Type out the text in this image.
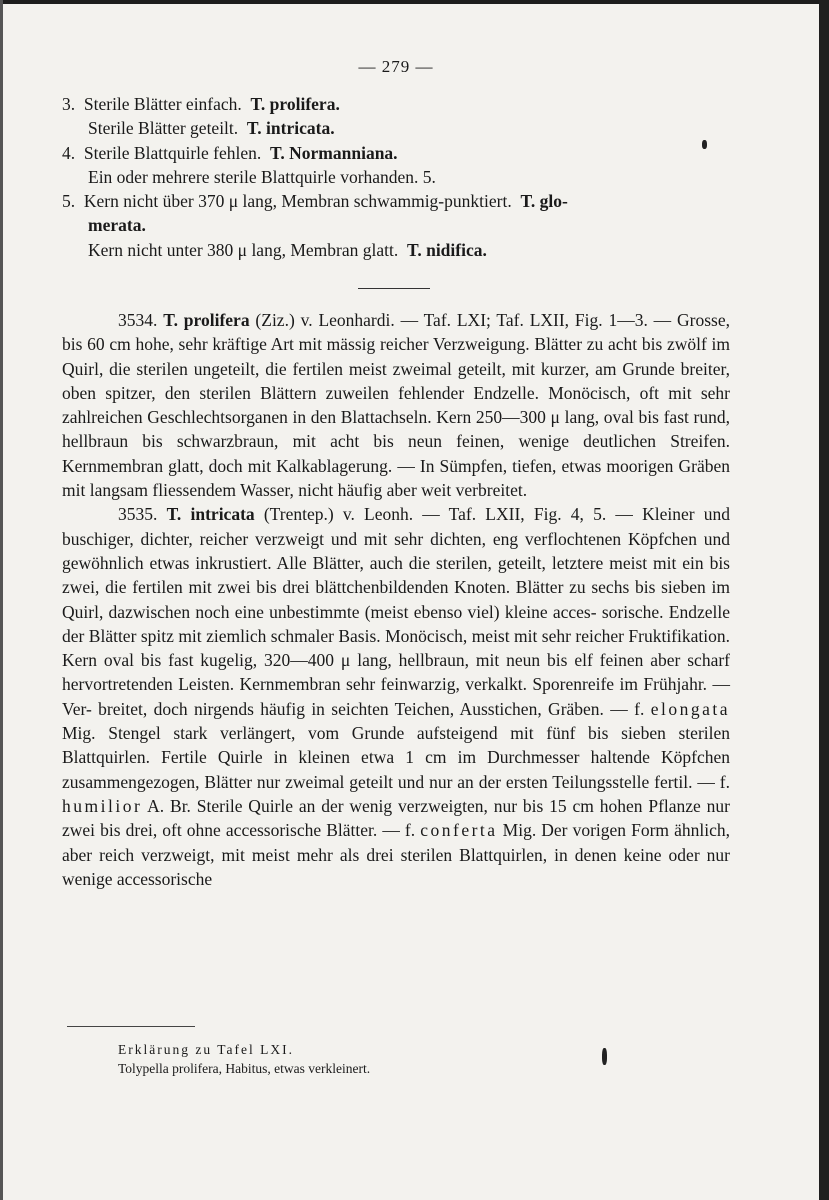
— 279 —
3. Sterile Blätter einfach. T. prolifera.
Sterile Blätter geteilt. T. intricata.
4. Sterile Blattquirle fehlen. T. Normanniana.
Ein oder mehrere sterile Blattquirle vorhanden. 5.
5. Kern nicht über 370 μ lang, Membran schwammig-punktiert. T. glo-
merata.
Kern nicht unter 380 μ lang, Membran glatt. T. nidifica.

3534. T. prolifera (Ziz.) v. Leonhardi. — Taf. LXI; Taf. LXII, Fig. 1—3. — Grosse, bis 60 cm hohe, sehr kräftige Art mit mässig reicher Verzweigung. Blätter zu acht bis zwölf im Quirl, die sterilen ungeteilt, die fertilen meist zweimal geteilt, mit kurzer, am Grunde breiter, oben spitzer, den sterilen Blättern zuweilen fehlender Endzelle. Monöcisch, oft mit sehr zahlreichen Geschlechtsorganen in den Blattachseln. Kern 250—300 μ lang, oval bis fast rund, hellbraun bis schwarzbraun, mit acht bis neun feinen, wenige deutlichen Streifen. Kernmembran glatt, doch mit Kalkablagerung. — In Sümpfen, tiefen, etwas moorigen Gräben mit langsam fliessendem Wasser, nicht häufig aber weit verbreitet.

3535. T. intricata (Trentep.) v. Leonh. — Taf. LXII, Fig. 4, 5. — Kleiner und buschiger, dichter, reicher verzweigt und mit sehr dichten, eng verflochtenen Köpfchen und gewöhnlich etwas inkrustiert. Alle Blätter, auch die sterilen, geteilt, letztere meist mit ein bis zwei, die fertilen mit zwei bis drei blättchenbildenden Knoten. Blätter zu sechs bis sieben im Quirl, dazwischen noch eine unbestimmte (meist ebenso viel) kleine acces- sorische. Endzelle der Blätter spitz mit ziemlich schmaler Basis. Monöcisch, meist mit sehr reicher Fruktifikation. Kern oval bis fast kugelig, 320—400 μ lang, hellbraun, mit neun bis elf feinen aber scharf hervortretenden Leisten. Kernmembran sehr feinwarzig, verkalkt. Sporenreife im Frühjahr. — Ver- breitet, doch nirgends häufig in seichten Teichen, Ausstichen, Gräben. — f. elongata Mig. Stengel stark verlängert, vom Grunde aufsteigend mit fünf bis sieben sterilen Blattquirlen. Fertile Quirle in kleinen etwa 1 cm im Durchmesser haltende Köpfchen zusammengezogen, Blätter nur zweimal geteilt und nur an der ersten Teilungsstelle fertil. — f. humilior A. Br. Sterile Quirle an der wenig verzweigten, nur bis 15 cm hohen Pflanze nur zwei bis drei, oft ohne accessorische Blätter. — f. conferta Mig. Der vorigen Form ähnlich, aber reich verzweigt, mit meist mehr als drei sterilen Blattquirlen, in denen keine oder nur wenige accessorische

Erklärung zu Tafel LXI.
Tolypella prolifera, Habitus, etwas verkleinert.
